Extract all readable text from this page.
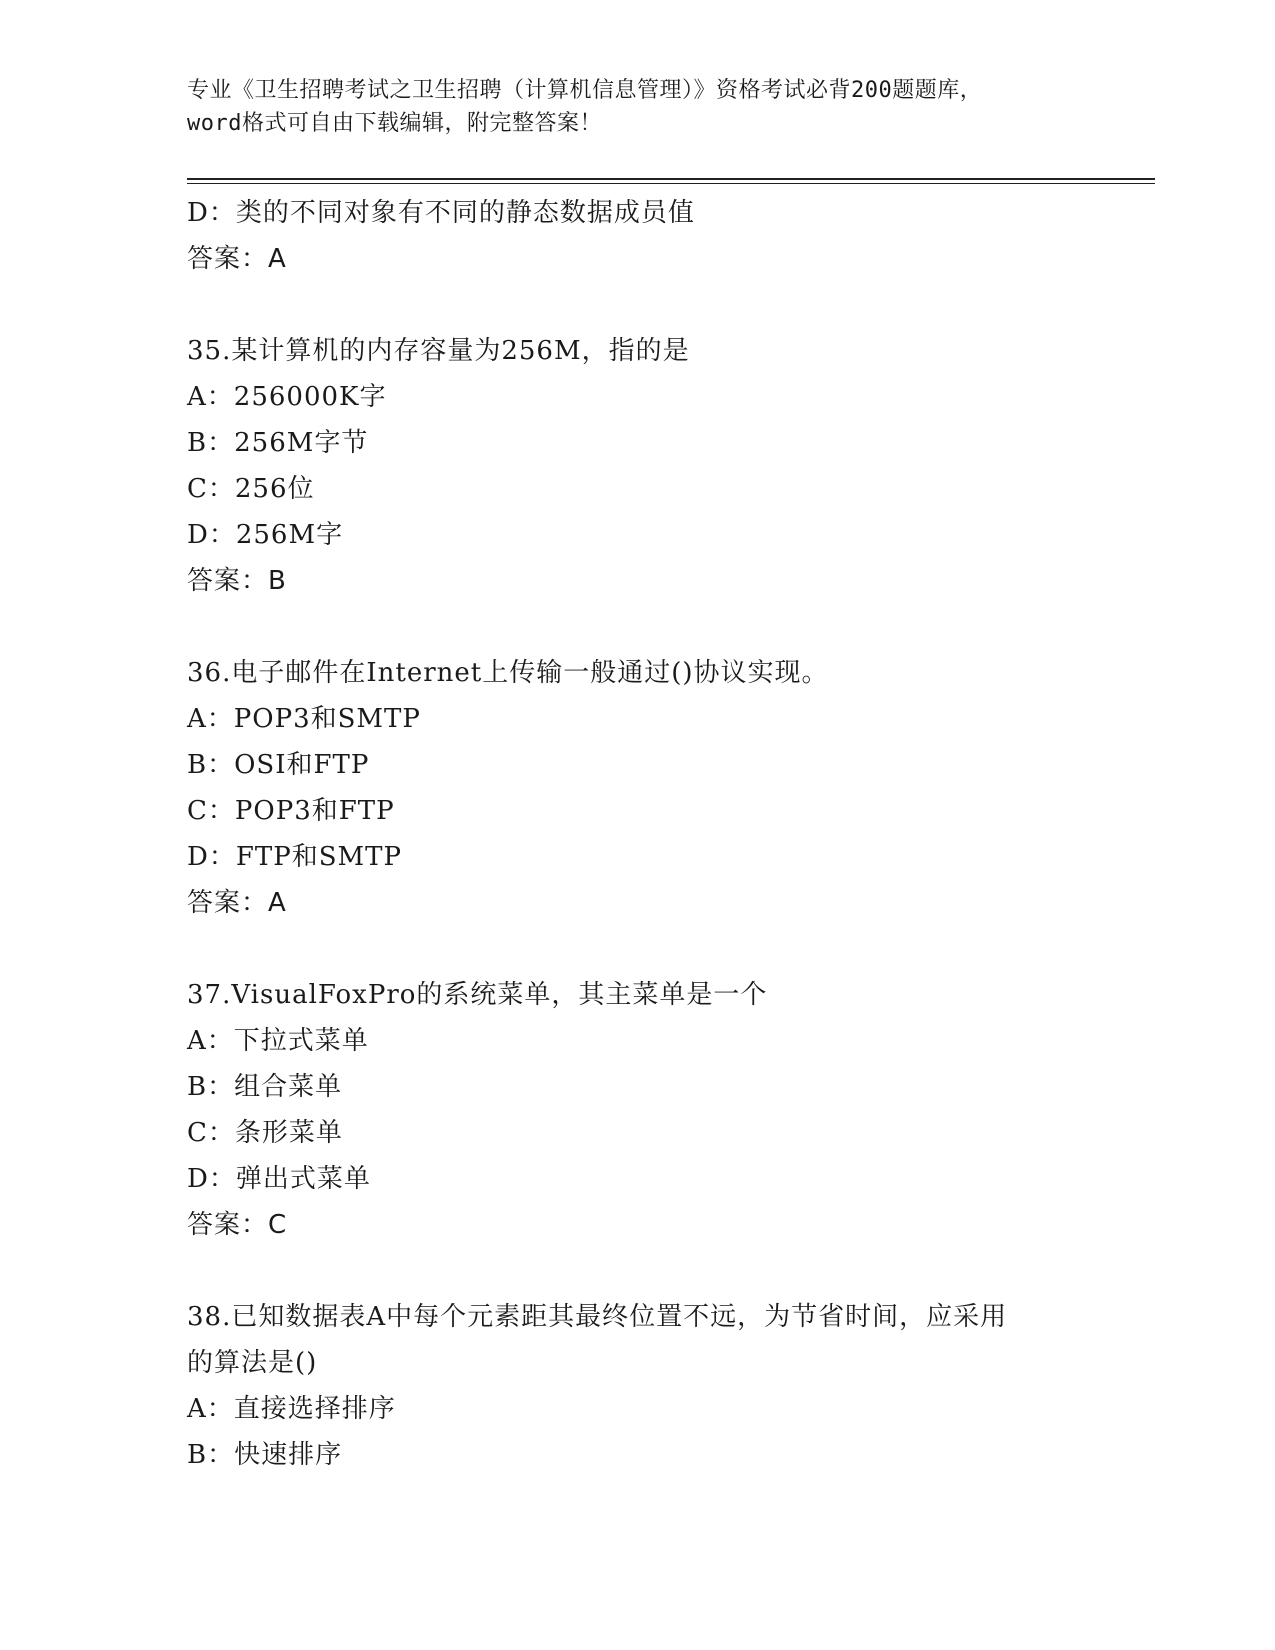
专业《卫生招聘考试之卫生招聘（计算机信息管理）》资格考试必背200题题库，
word格式可自由下载编辑，附完整答案！
D：类的不同对象有不同的静态数据成员值
答案：A
35.某计算机的内存容量为256M，指的是
A：256000K字
B：256M字节
C：256位
D：256M字
答案：B
36.电子邮件在Internet上传输一般通过()协议实现。
A：POP3和SMTP
B：OSI和FTP
C：POP3和FTP
D：FTP和SMTP
答案：A
37.VisualFoxPro的系统菜单，其主菜单是一个
A：下拉式菜单
B：组合菜单
C：条形菜单
D：弹出式菜单
答案：C
38.已知数据表A中每个元素距其最终位置不远，为节省时间，应采用
的算法是()
A：直接选择排序
B：快速排序
